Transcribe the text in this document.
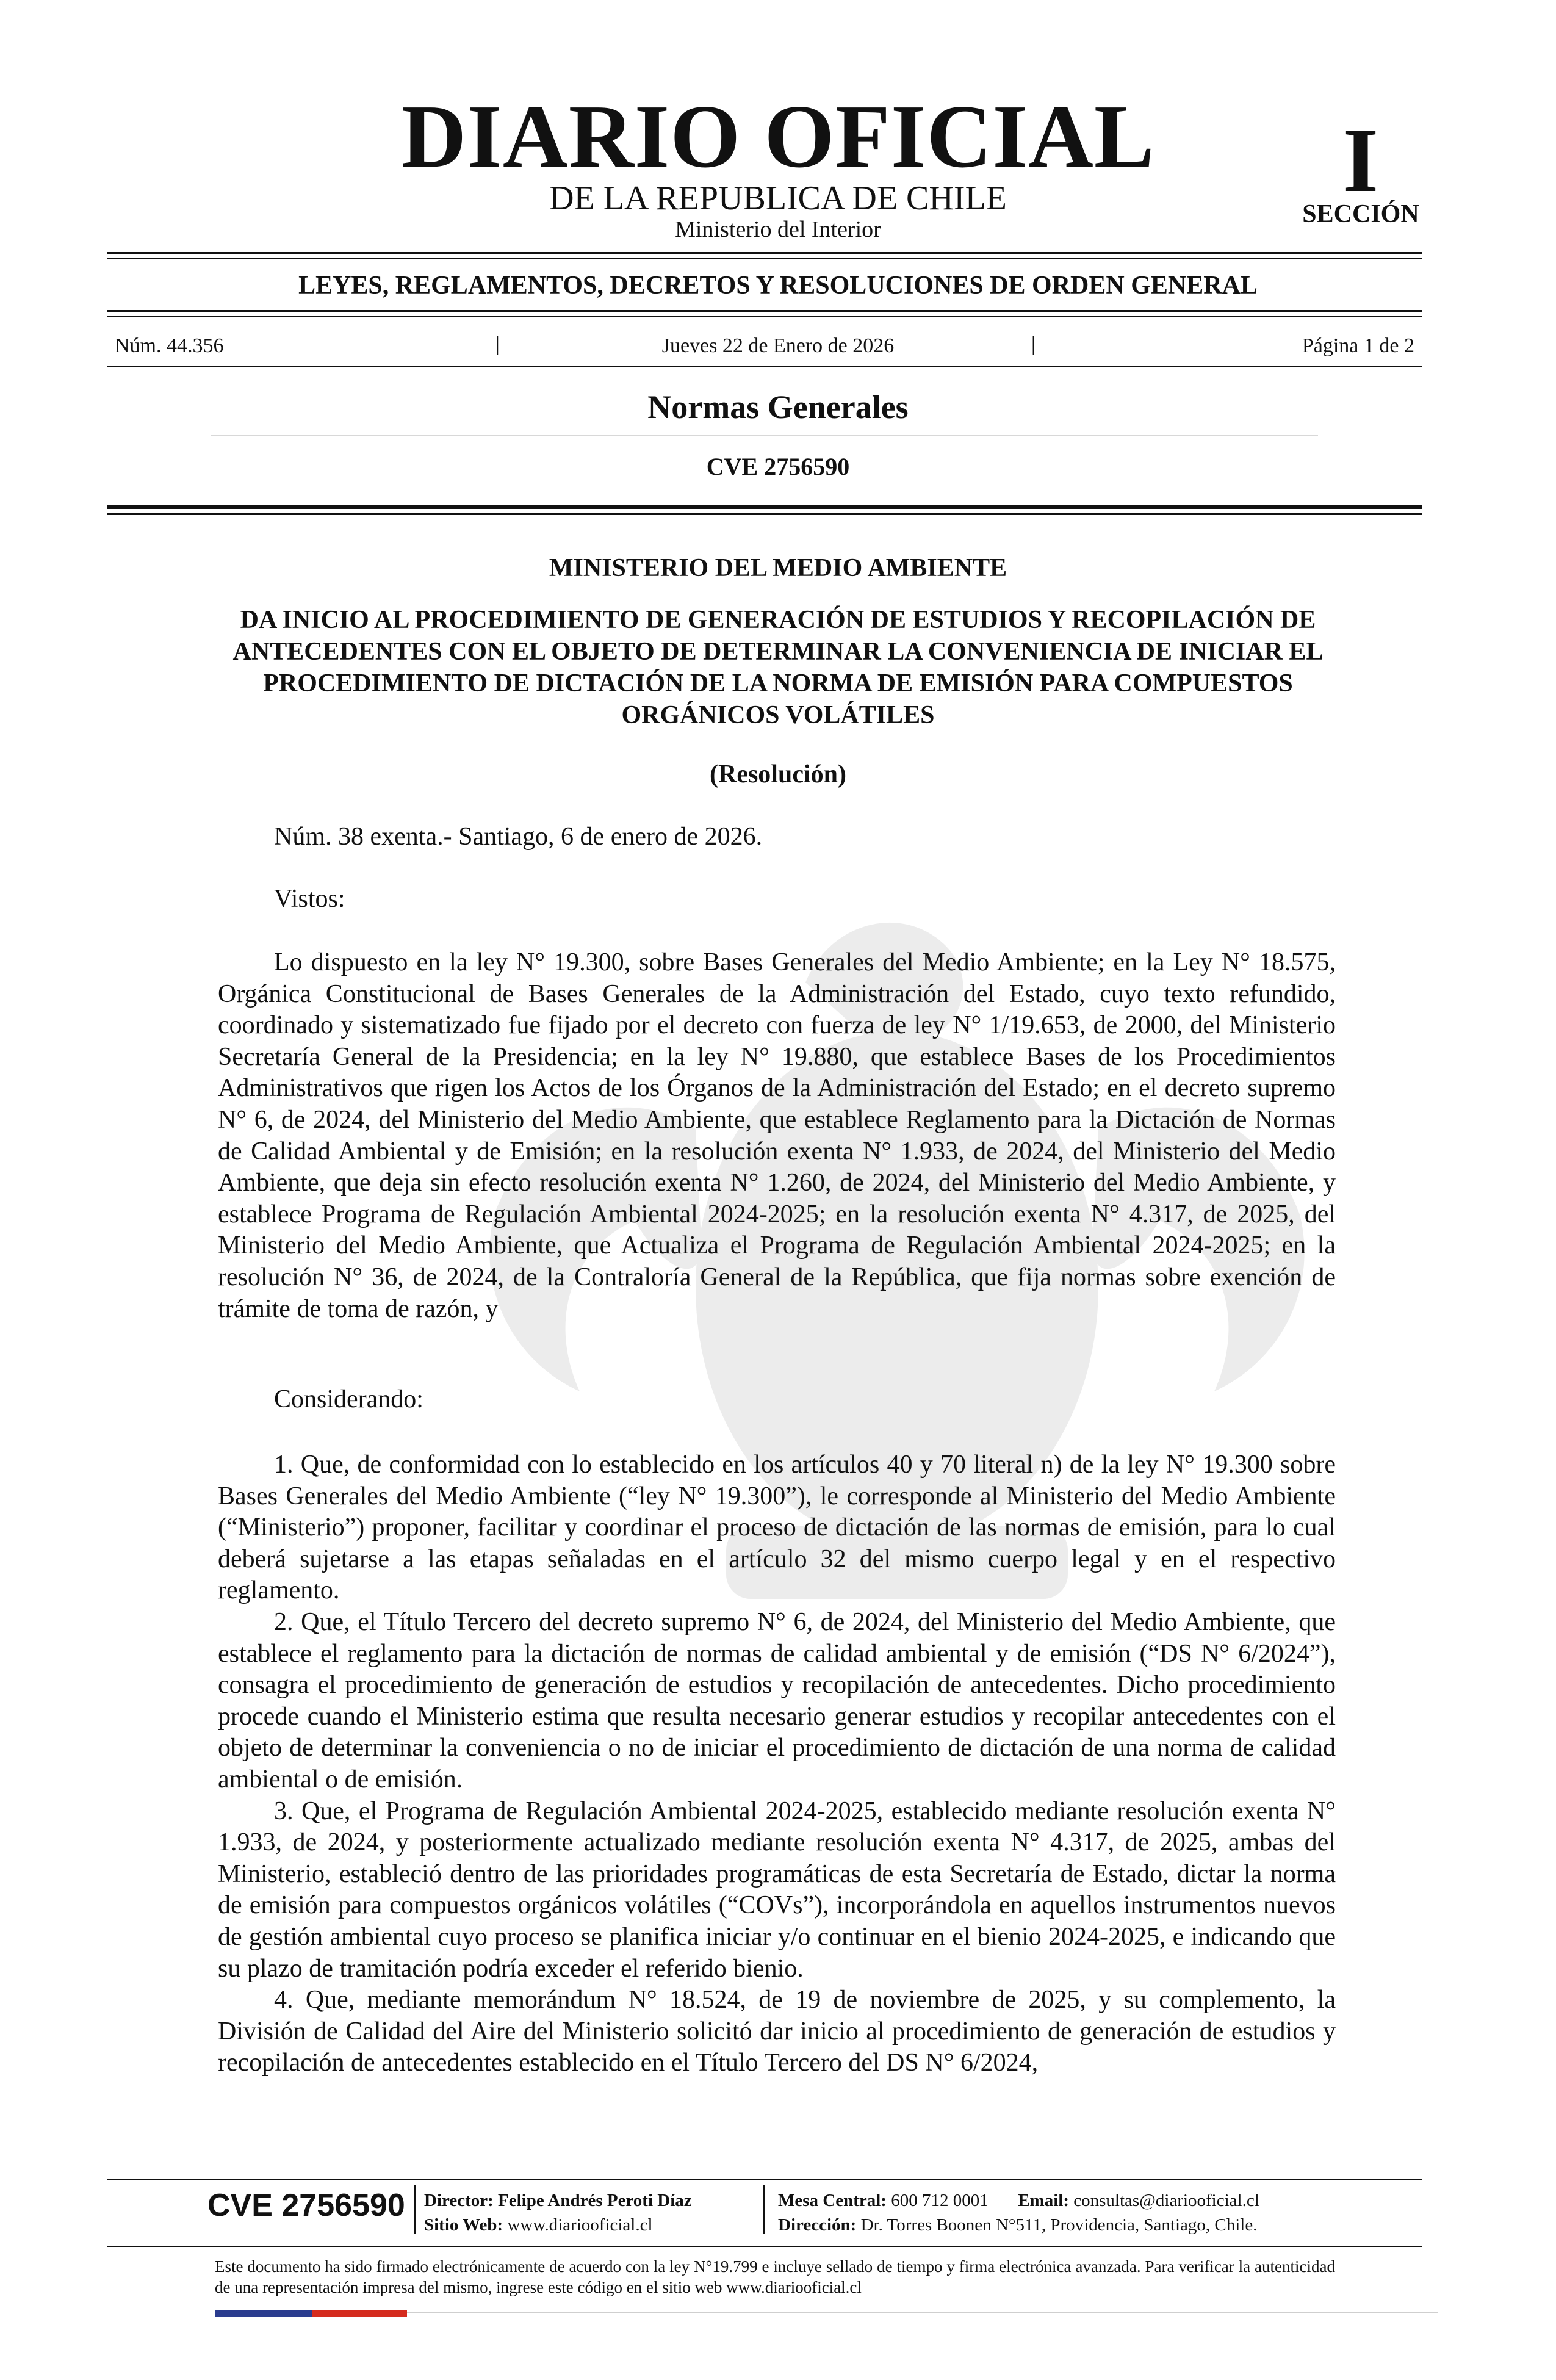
DIARIO OFICIAL
DE LA REPUBLICA DE CHILE
Ministerio del Interior
I
SECCIÓN
LEYES, REGLAMENTOS, DECRETOS Y RESOLUCIONES DE ORDEN GENERAL
Núm. 44.356	|	Jueves 22 de Enero de 2026	|	Página 1 de 2
Normas Generales
CVE 2756590
MINISTERIO DEL MEDIO AMBIENTE
DA INICIO AL PROCEDIMIENTO DE GENERACIÓN DE ESTUDIOS Y RECOPILACIÓN DE ANTECEDENTES CON EL OBJETO DE DETERMINAR LA CONVENIENCIA DE INICIAR EL PROCEDIMIENTO DE DICTACIÓN DE LA NORMA DE EMISIÓN PARA COMPUESTOS ORGÁNICOS VOLÁTILES
(Resolución)
Núm. 38 exenta.- Santiago, 6 de enero de 2026.
Vistos:

Lo dispuesto en la ley N° 19.300, sobre Bases Generales del Medio Ambiente; en la Ley N° 18.575, Orgánica Constitucional de Bases Generales de la Administración del Estado, cuyo texto refundido, coordinado y sistematizado fue fijado por el decreto con fuerza de ley N° 1/19.653, de 2000, del Ministerio Secretaría General de la Presidencia; en la ley N° 19.880, que establece Bases de los Procedimientos Administrativos que rigen los Actos de los Órganos de la Administración del Estado; en el decreto supremo N° 6, de 2024, del Ministerio del Medio Ambiente, que establece Reglamento para la Dictación de Normas de Calidad Ambiental y de Emisión; en la resolución exenta N° 1.933, de 2024, del Ministerio del Medio Ambiente, que deja sin efecto resolución exenta N° 1.260, de 2024, del Ministerio del Medio Ambiente, y establece Programa de Regulación Ambiental 2024-2025; en la resolución exenta N° 4.317, de 2025, del Ministerio del Medio Ambiente, que Actualiza el Programa de Regulación Ambiental 2024-2025; en la resolución N° 36, de 2024, de la Contraloría General de la República, que fija normas sobre exención de trámite de toma de razón, y

Considerando:

1. Que, de conformidad con lo establecido en los artículos 40 y 70 literal n) de la ley N° 19.300 sobre Bases Generales del Medio Ambiente (“ley N° 19.300”), le corresponde al Ministerio del Medio Ambiente (“Ministerio”) proponer, facilitar y coordinar el proceso de dictación de las normas de emisión, para lo cual deberá sujetarse a las etapas señaladas en el artículo 32 del mismo cuerpo legal y en el respectivo reglamento.

2. Que, el Título Tercero del decreto supremo N° 6, de 2024, del Ministerio del Medio Ambiente, que establece el reglamento para la dictación de normas de calidad ambiental y de emisión (“DS N° 6/2024”), consagra el procedimiento de generación de estudios y recopilación de antecedentes. Dicho procedimiento procede cuando el Ministerio estima que resulta necesario generar estudios y recopilar antecedentes con el objeto de determinar la conveniencia o no de iniciar el procedimiento de dictación de una norma de calidad ambiental o de emisión.

3. Que, el Programa de Regulación Ambiental 2024-2025, establecido mediante resolución exenta N° 1.933, de 2024, y posteriormente actualizado mediante resolución exenta N° 4.317, de 2025, ambas del Ministerio, estableció dentro de las prioridades programáticas de esta Secretaría de Estado, dictar la norma de emisión para compuestos orgánicos volátiles (“COVs”), incorporándola en aquellos instrumentos nuevos de gestión ambiental cuyo proceso se planifica iniciar y/o continuar en el bienio 2024-2025, e indicando que su plazo de tramitación podría exceder el referido bienio.

4. Que, mediante memorándum N° 18.524, de 19 de noviembre de 2025, y su complemento, la División de Calidad del Aire del Ministerio solicitó dar inicio al procedimiento de generación de estudios y recopilación de antecedentes establecido en el Título Tercero del DS N° 6/2024,

CVE 2756590 Director: Felipe Andrés Peroti Díaz
Sitio Web: www.diariooficial.cl
Mesa Central: 600 712 0001 Email: consultas@diariooficial.cl
Dirección: Dr. Torres Boonen N°511, Providencia, Santiago, Chile.
Este documento ha sido firmado electrónicamente de acuerdo con la ley N°19.799 e incluye sellado de tiempo y firma electrónica avanzada. Para verificar la autenticidad de una representación impresa del mismo, ingrese este código en el sitio web www.diariooficial.cl
